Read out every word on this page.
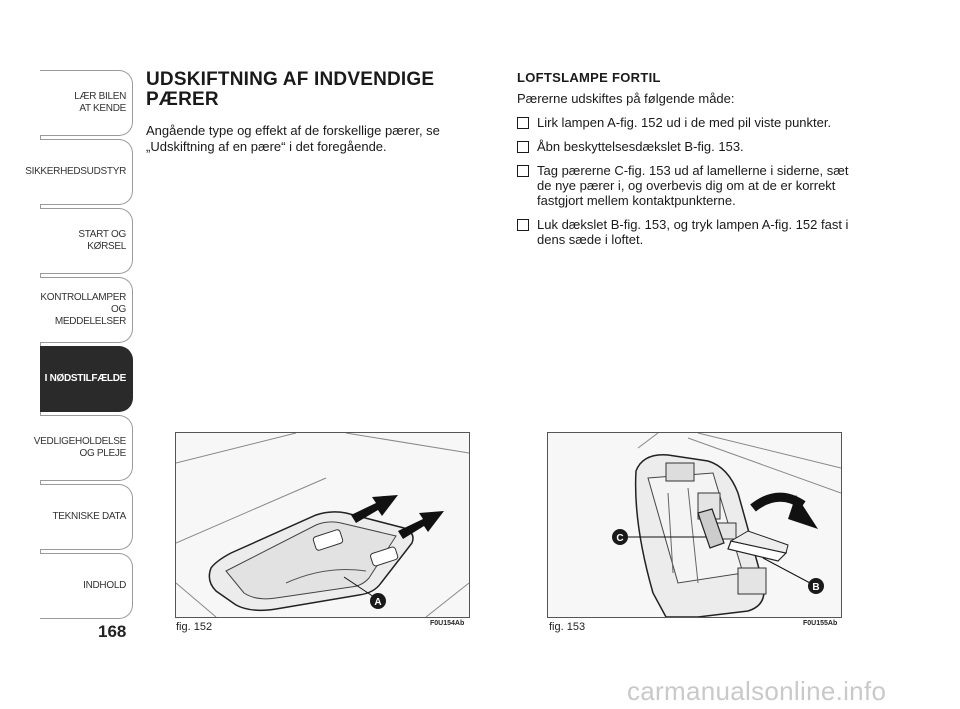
LÆR BILEN
AT KENDE
SIKKERHEDSUDSTYR
START OG KØRSEL
KONTROLLAMPER
OG MEDDELELSER
I NØDSTILFÆLDE
VEDLIGEHOLDELSE
OG PLEJE
TEKNISKE DATA
INDHOLD
168
UDSKIFTNING AF INDVENDIGE PÆRER

Angående type og effekt af de forskellige pærer, se „Udskiftning af en pære“ i det foregående.

LOFTSLAMPE FORTIL

Pærerne udskiftes på følgende måde:

Lirk lampen A-fig. 152 ud i de med pil viste punkter.
Åbn beskyttelsesdækslet B-fig. 153.
Tag pærerne C-fig. 153 ud af lamellerne i siderne, sæt de nye pærer i, og overbevis dig om at de er korrekt fastgjort mellem kontaktpunkterne.
Luk dækslet B-fig. 153, og tryk lampen A-fig. 152 fast i dens sæde i loftet.
A
fig. 152	F0U154Ab
C
B
fig. 153	F0U155Ab
carmanualsonline.info
